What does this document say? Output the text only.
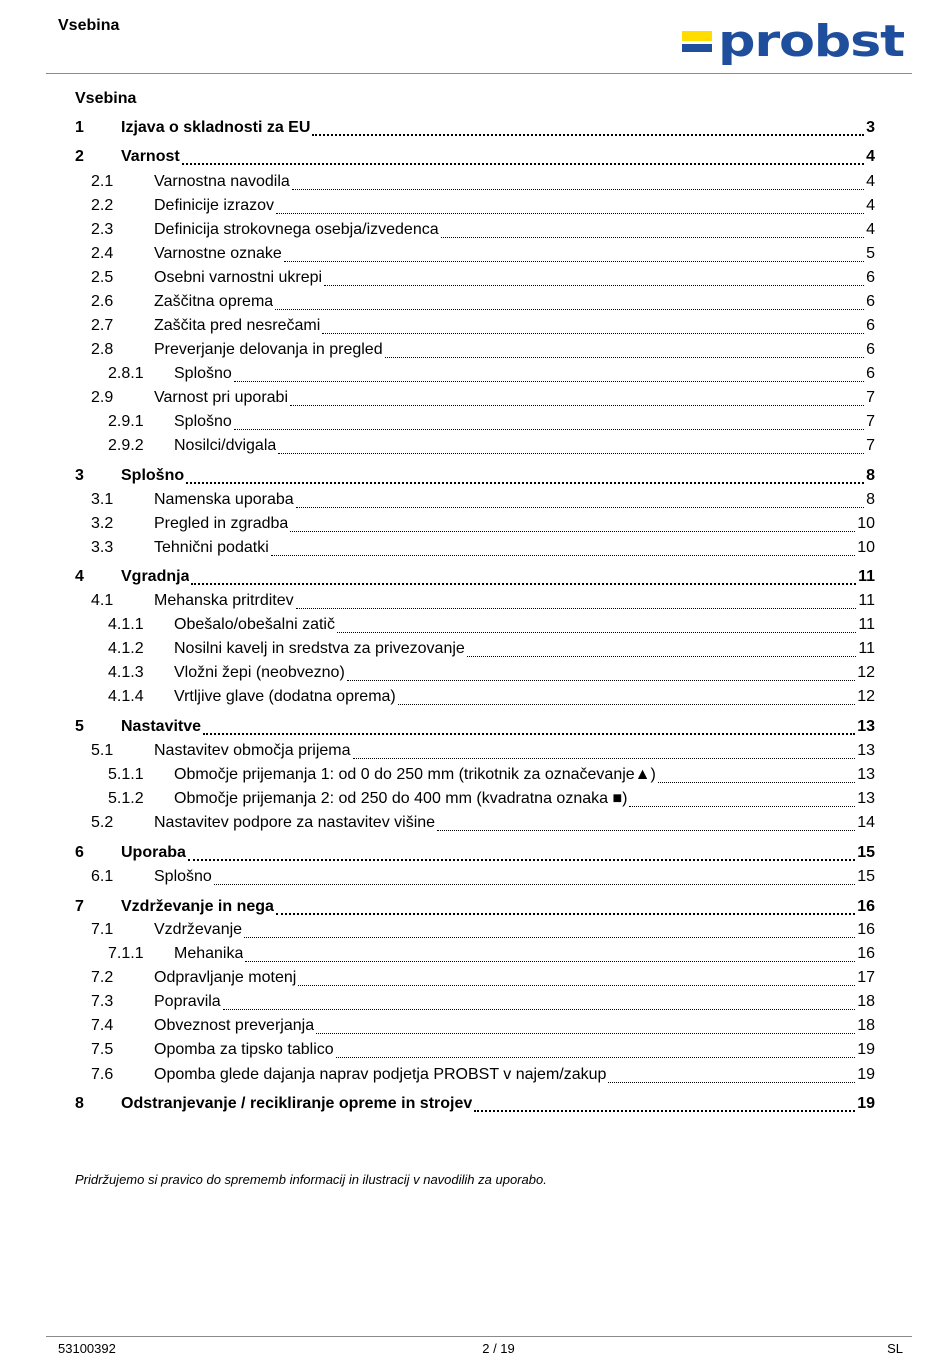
Vsebina	probst
Vsebina
1	Izjava o skladnosti za EU	3
2	Varnost	4
2.1	Varnostna navodila	4
2.2	Definicije izrazov	4
2.3	Definicija strokovnega osebja/izvedenca	4
2.4	Varnostne oznake	5
2.5	Osebni varnostni ukrepi	6
2.6	Zaščitna oprema	6
2.7	Zaščita pred nesrečami	6
2.8	Preverjanje delovanja in pregled	6
2.8.1	Splošno	6
2.9	Varnost pri uporabi	7
2.9.1	Splošno	7
2.9.2	Nosilci/dvigala	7
3	Splošno	8
3.1	Namenska uporaba	8
3.2	Pregled in zgradba	10
3.3	Tehnični podatki	10
4	Vgradnja	11
4.1	Mehanska pritrditev	11
4.1.1	Obešalo/obešalni zatič	11
4.1.2	Nosilni kavelj in sredstva za privezovanje	11
4.1.3	Vložni žepi (neobvezno)	12
4.1.4	Vrtljive glave (dodatna oprema)	12
5	Nastavitve	13
5.1	Nastavitev območja prijema	13
5.1.1	Območje prijemanja 1: od 0 do 250 mm (trikotnik za označevanje▲)	13
5.1.2	Območje prijemanja 2: od 250 do 400 mm (kvadratna oznaka ■)	13
5.2	Nastavitev podpore za nastavitev višine	14
6	Uporaba	15
6.1	Splošno	15
7	Vzdrževanje in nega	16
7.1	Vzdrževanje	16
7.1.1	Mehanika	16
7.2	Odpravljanje motenj	17
7.3	Popravila	18
7.4	Obveznost preverjanja	18
7.5	Opomba za tipsko tablico	19
7.6	Opomba glede dajanja naprav podjetja PROBST v najem/zakup	19
8	Odstranjevanje / recikliranje opreme in strojev	19
Pridržujemo si pravico do sprememb informacij in ilustracij v navodilih za uporabo.
53100392	2 / 19	SL
